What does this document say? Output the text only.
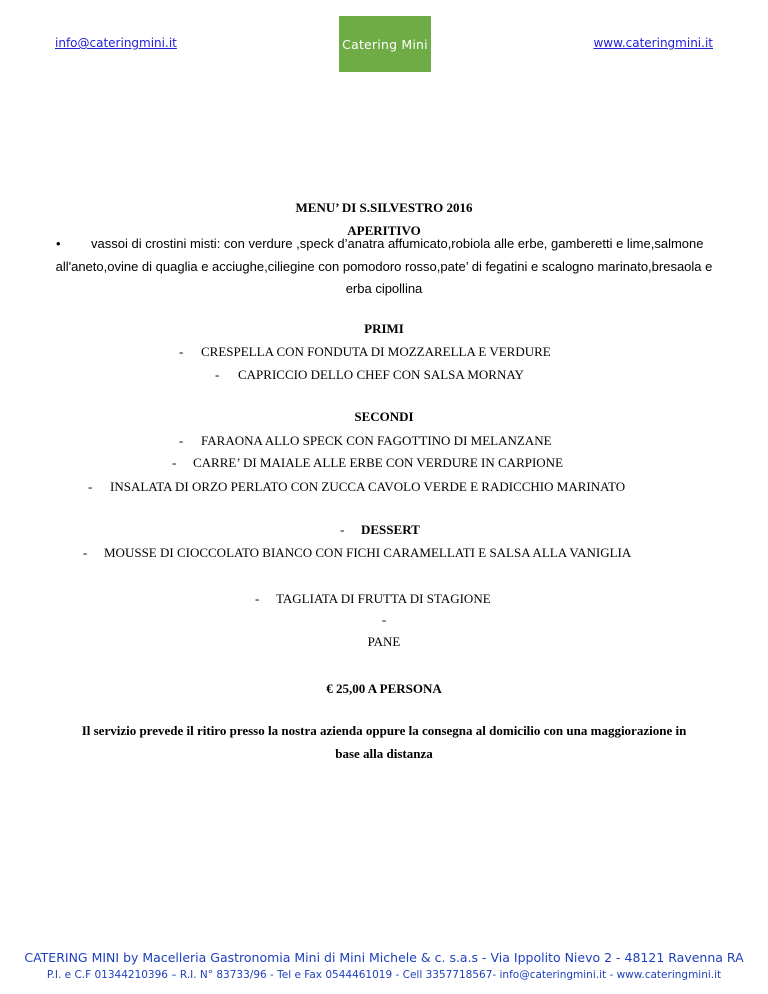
info@cateringmini.it	Catering Mini	www.cateringmini.it
MENU’ DI S.SILVESTRO 2016
APERITIVO
• vassoi di crostini misti: con verdure ,speck d’anatra affumicato,robiola alle erbe, gamberetti e lime,salmone
all'aneto,ovine di quaglia e acciughe,ciliegine con pomodoro rosso,pate’ di fegatini e scalogno marinato,bresaola e
erba cipollina
PRIMI
- CRESPELLA CON FONDUTA DI MOZZARELLA E VERDURE
- CAPRICCIO DELLO CHEF CON SALSA MORNAY
SECONDI
- FARAONA ALLO SPECK CON FAGOTTINO DI MELANZANE
- CARRE’ DI MAIALE ALLE ERBE CON VERDURE IN CARPIONE
- INSALATA DI ORZO PERLATO CON ZUCCA CAVOLO VERDE E RADICCHIO MARINATO
- DESSERT
- MOUSSE DI CIOCCOLATO BIANCO CON FICHI CARAMELLATI E SALSA ALLA VANIGLIA
- TAGLIATA DI FRUTTA DI STAGIONE
-
PANE
€ 25,00 A PERSONA
Il servizio prevede il ritiro presso la nostra azienda oppure la consegna al domicilio con una maggiorazione in
base alla distanza
CATERING MINI by Macelleria Gastronomia Mini di Mini Michele & c. s.a.s - Via Ippolito Nievo 2 - 48121 Ravenna RA
P.I. e C.F 01344210396 – R.I. N° 83733/96 - Tel e Fax 0544461019 - Cell 3357718567- info@cateringmini.it - www.cateringmini.it
